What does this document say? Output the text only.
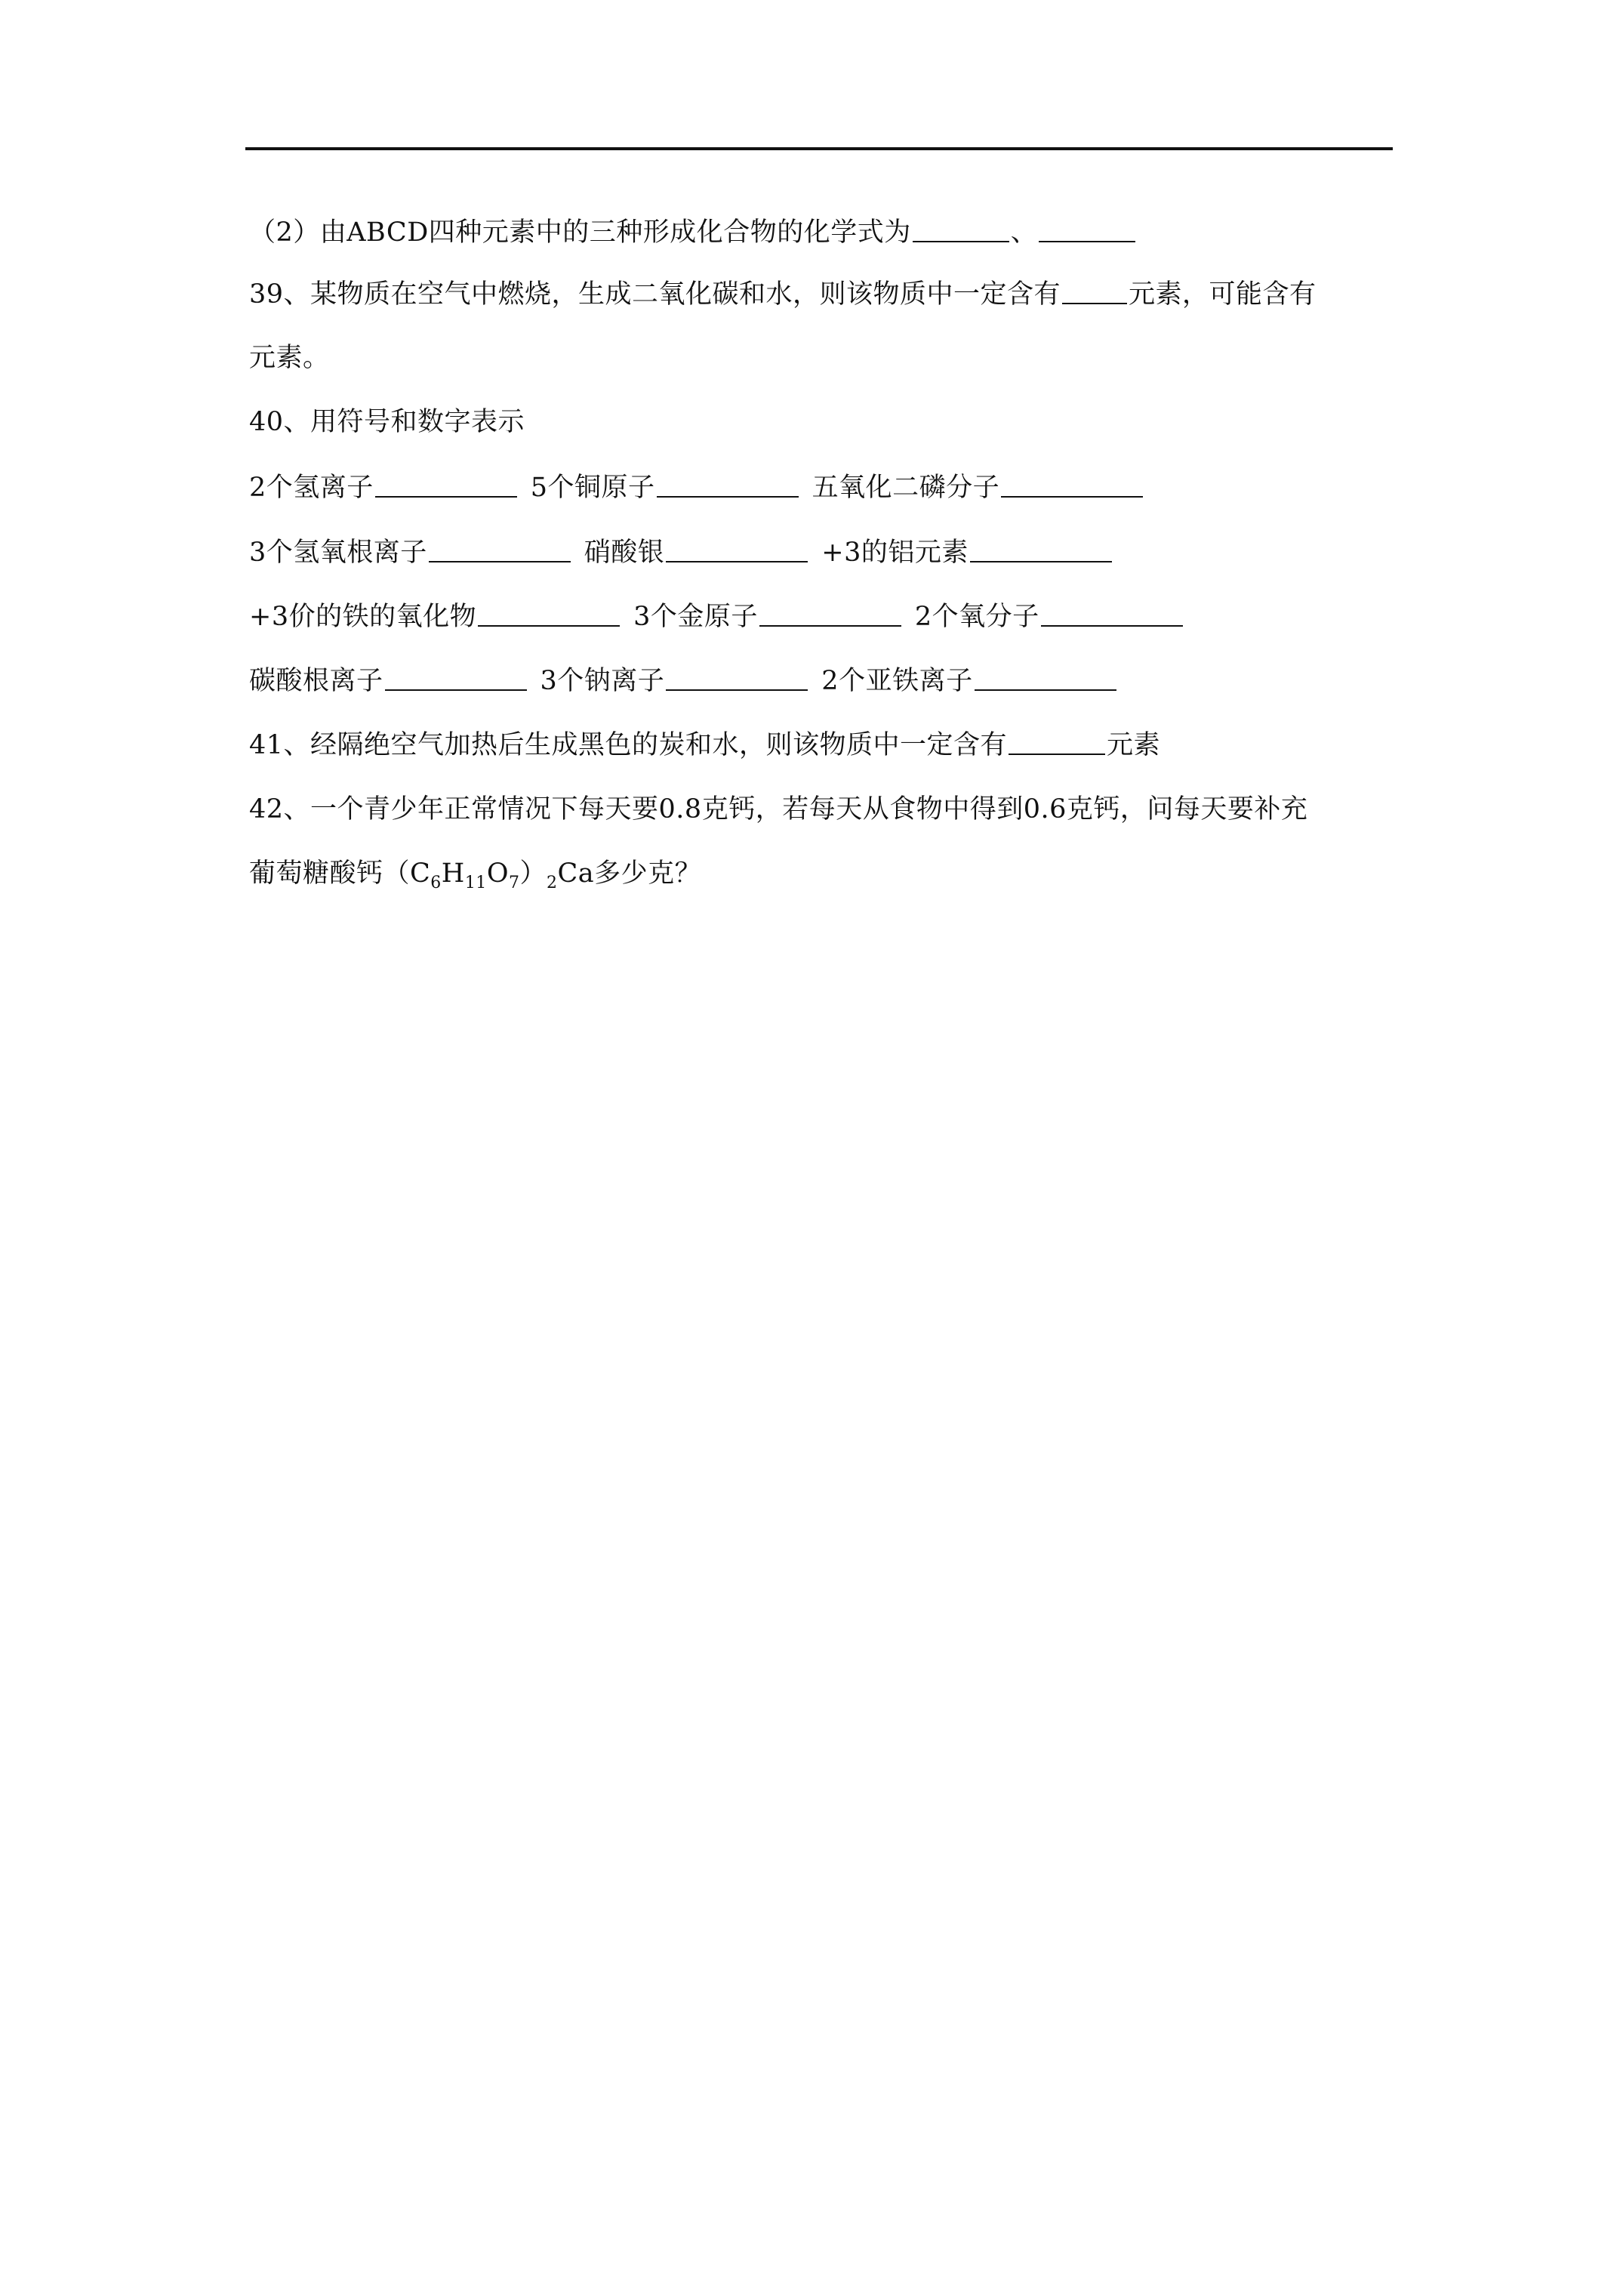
（2）由ABCD四种元素中的三种形成化合物的化学式为	、
39、某物质在空气中燃烧，生成二氧化碳和水，则该物质中一定含有	元素，可能含有
元素。
40、用符号和数字表示
2个氢离子	5个铜原子	五氧化二磷分子
3个氢氧根离子	硝酸银	+3的铝元素
+3价的铁的氧化物	3个金原子	2个氧分子
碳酸根离子	3个钠离子	2个亚铁离子
41、经隔绝空气加热后生成黑色的炭和水，则该物质中一定含有	元素
42、一个青少年正常情况下每天要0.8克钙，若每天从食物中得到0.6克钙，问每天要补充
葡萄糖酸钙$(C_6H_{11}O_7)_2Ca$多少克？
